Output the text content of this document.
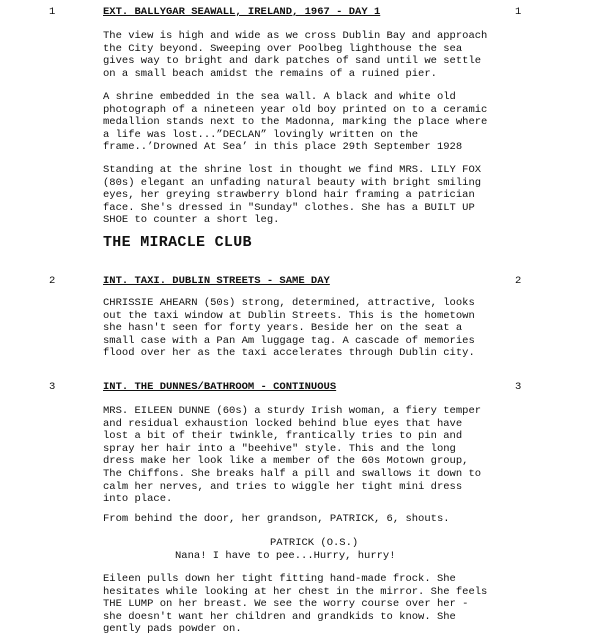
1	EXT. BALLYGAR SEAWALL, IRELAND, 1967 - DAY 1	1
The view is high and wide as we cross Dublin Bay and approach
the City beyond. Sweeping over Poolbeg lighthouse the sea
gives way to bright and dark patches of sand until we settle
on a small beach amidst the remains of a ruined pier.
A shrine embedded in the sea wall. A black and white old
photograph of a nineteen year old boy printed on to a ceramic
medallion stands next to the Madonna, marking the place where
a life was lost...”DECLAN” lovingly written on the
frame..’Drowned At Sea’ in this place 29th September 1928
Standing at the shrine lost in thought we find MRS. LILY FOX
(80s) elegant an unfading natural beauty with bright smiling
eyes, her greying strawberry blond hair framing a patrician
face. She's dressed in "Sunday" clothes. She has a BUILT UP
SHOE to counter a short leg.
THE MIRACLE CLUB
2	INT. TAXI. DUBLIN STREETS - SAME DAY	2
CHRISSIE AHEARN (50s) strong, determined, attractive, looks
out the taxi window at Dublin Streets. This is the hometown
she hasn't seen for forty years. Beside her on the seat a
small case with a Pan Am luggage tag. A cascade of memories
flood over her as the taxi accelerates through Dublin city.
3	INT. THE DUNNES/BATHROOM - CONTINUOUS	3
MRS. EILEEN DUNNE (60s) a sturdy Irish woman, a fiery temper
and residual exhaustion locked behind blue eyes that have
lost a bit of their twinkle, frantically tries to pin and
spray her hair into a "beehive" style. This and the long
dress make her look like a member of the 60s Motown group,
The Chiffons. She breaks half a pill and swallows it down to
calm her nerves, and tries to wiggle her tight mini dress
into place.
From behind the door, her grandson, PATRICK, 6, shouts.
PATRICK (O.S.)
Nana! I have to pee...Hurry, hurry!
Eileen pulls down her tight fitting hand-made frock. She
hesitates while looking at her chest in the mirror. She feels
THE LUMP on her breast. We see the worry course over her -
she doesn't want her children and grandkids to know. She
gently pads powder on.
